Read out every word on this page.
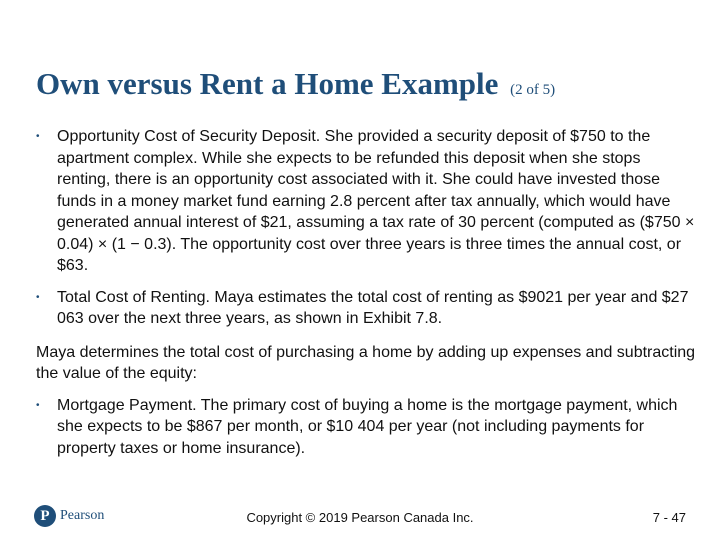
Own versus Rent a Home Example (2 of 5)
• Opportunity Cost of Security Deposit. She provided a security deposit of $750 to the apartment complex. While she expects to be refunded this deposit when she stops renting, there is an opportunity cost associated with it. She could have invested those funds in a money market fund earning 2.8 percent after tax annually, which would have generated annual interest of $21, assuming a tax rate of 30 percent (computed as ($750 × 0.04) × (1 − 0.3). The opportunity cost over three years is three times the annual cost, or $63.
• Total Cost of Renting. Maya estimates the total cost of renting as $9021 per year and $27 063 over the next three years, as shown in Exhibit 7.8.
Maya determines the total cost of purchasing a home by adding up expenses and subtracting the value of the equity:
• Mortgage Payment. The primary cost of buying a home is the mortgage payment, which she expects to be $867 per month, or $10 404 per year (not including payments for property taxes or home insurance).
P Pearson	Copyright © 2019 Pearson Canada Inc.	7 - 47
